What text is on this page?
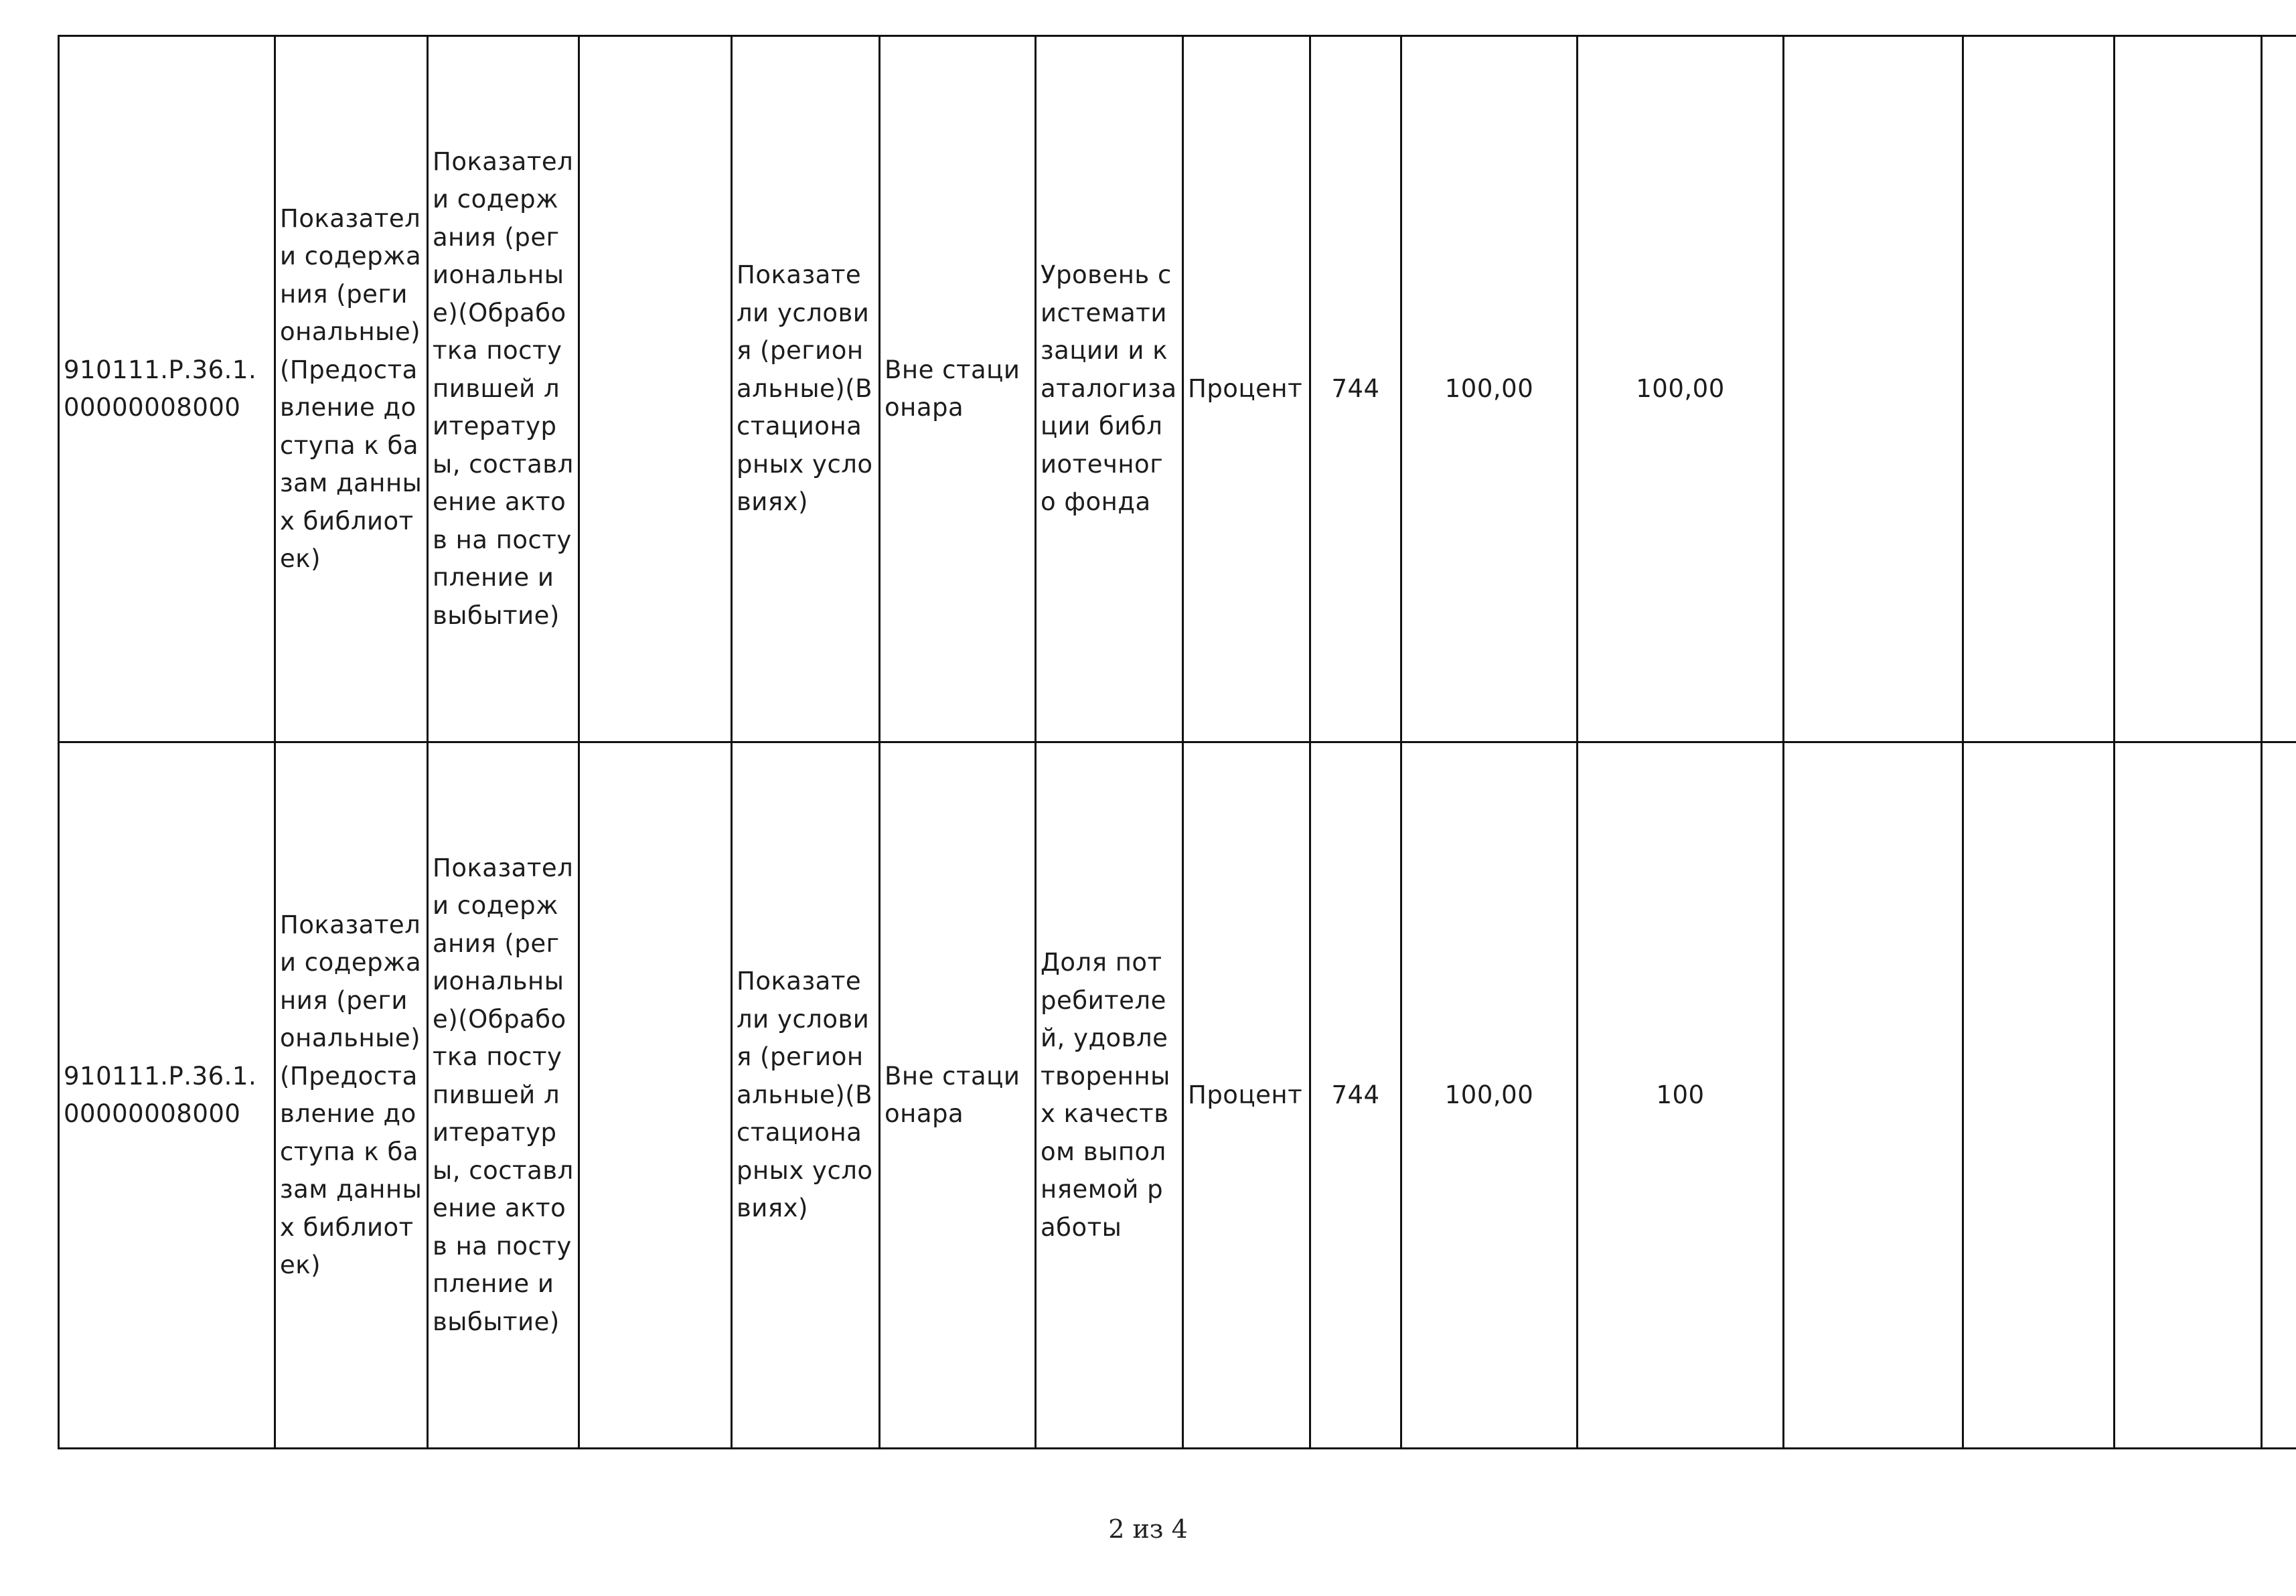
910111.Р.36.1.00000008000	Показатели содержания (региональные)(Предоставление доступа к базам данных библиотек)	Показатели содержания (региональные)(Обработка поступившей литературы, составление актов на поступление и выбытие)		Показатели условия (региональные)(В стационарных условиях)	Вне стационара	Уровень систематизации и каталогизации библиотечного фонда	Процент	744	100,00	100,00				
910111.Р.36.1.00000008000	Показатели содержания (региональные)(Предоставление доступа к базам данных библиотек)	Показатели содержания (региональные)(Обработка поступившей литературы, составление актов на поступление и выбытие)		Показатели условия (региональные)(В стационарных условиях)	Вне стационара	Доля потребителей, удовлетворенных качеством выполняемой работы	Процент	744	100,00	100				
2 из 4
